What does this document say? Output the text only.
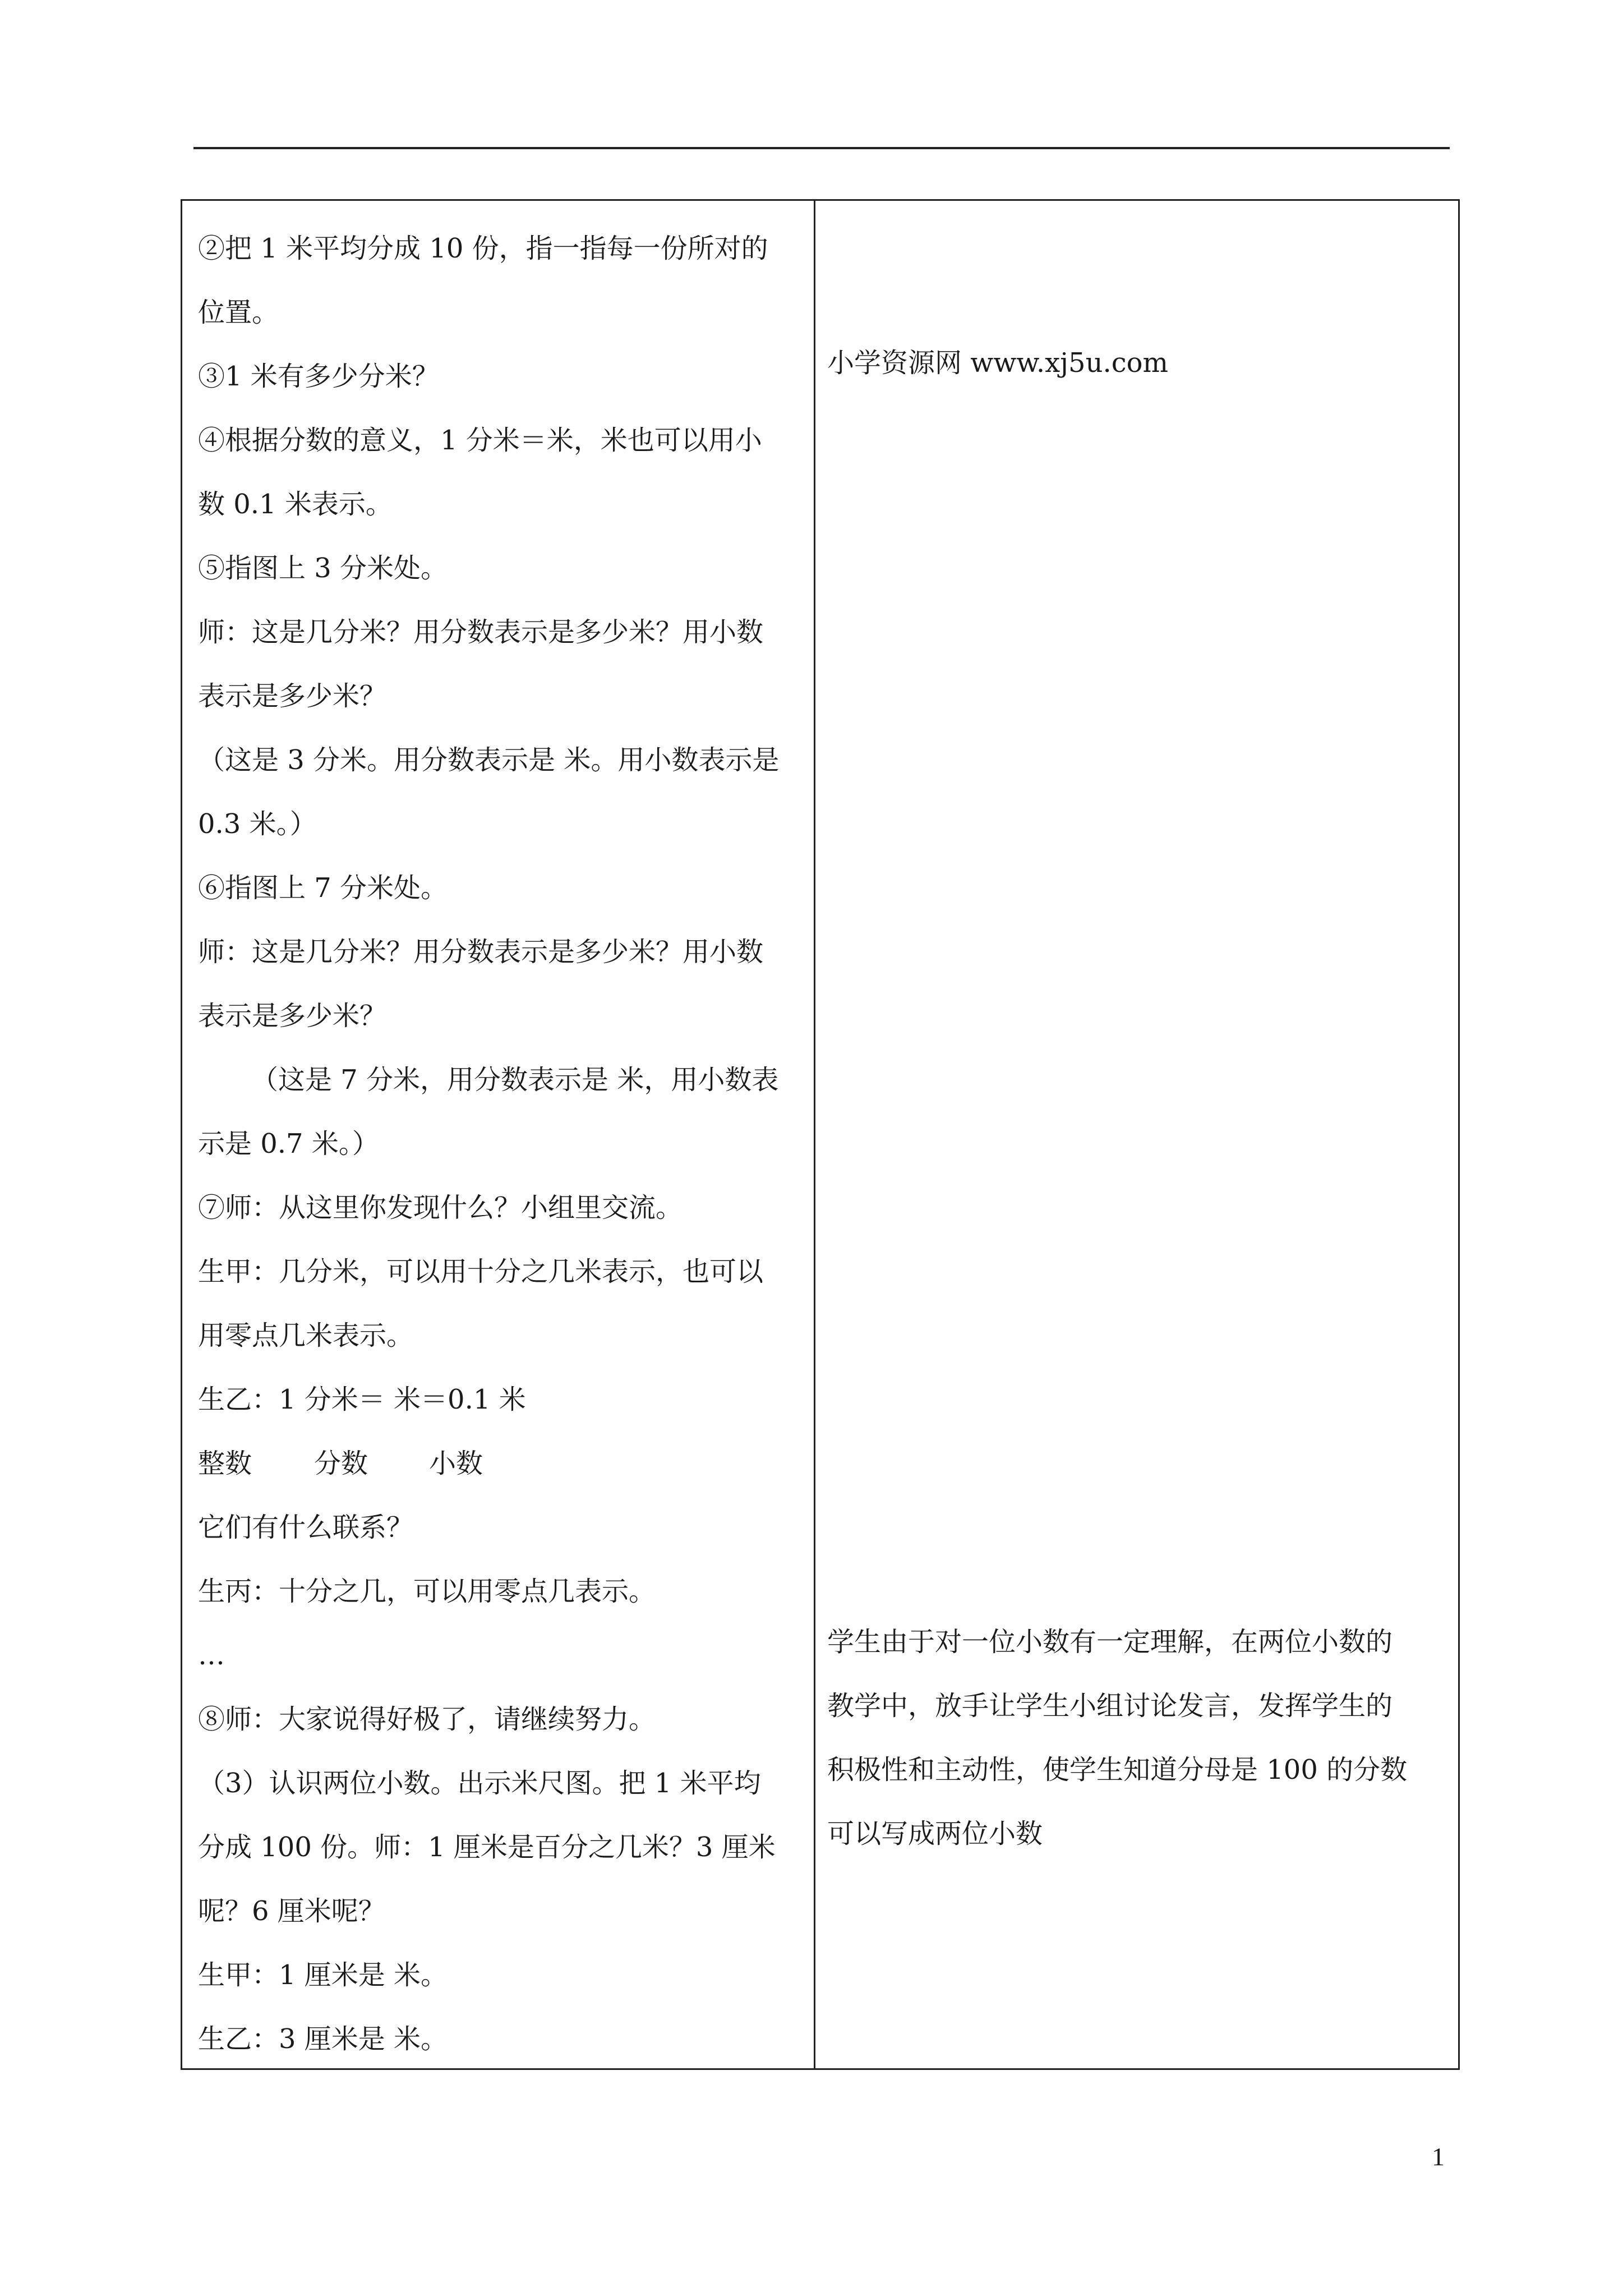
②把 1 米平均分成 10 份，指一指每一份所对的
位置。
③1 米有多少分米？
④根据分数的意义，1 分米＝米，米也可以用小
数 0.1 米表示。
⑤指图上 3 分米处。
师：这是几分米？用分数表示是多少米？用小数
表示是多少米？
（这是 3 分米。用分数表示是 米。用小数表示是
0.3 米。）
⑥指图上 7 分米处。
师：这是几分米？用分数表示是多少米？用小数
表示是多少米？
（这是 7 分米，用分数表示是 米，用小数表
示是 0.7 米。）
⑦师：从这里你发现什么？小组里交流。
生甲：几分米，可以用十分之几米表示，也可以
用零点几米表示。
生乙：1 分米＝ 米＝0.1 米
整数 分数 小数
它们有什么联系？
生丙：十分之几，可以用零点几表示。
…
⑧师：大家说得好极了，请继续努力。
（3）认识两位小数。出示米尺图。把 1 米平均
分成 100 份。师：1 厘米是百分之几米？3 厘米
呢？6 厘米呢？
生甲：1 厘米是 米。
生乙：3 厘米是 米。
小学资源网 www.xj5u.com
学生由于对一位小数有一定理解，在两位小数的
教学中，放手让学生小组讨论发言，发挥学生的
积极性和主动性，使学生知道分母是 100 的分数
可以写成两位小数
1
